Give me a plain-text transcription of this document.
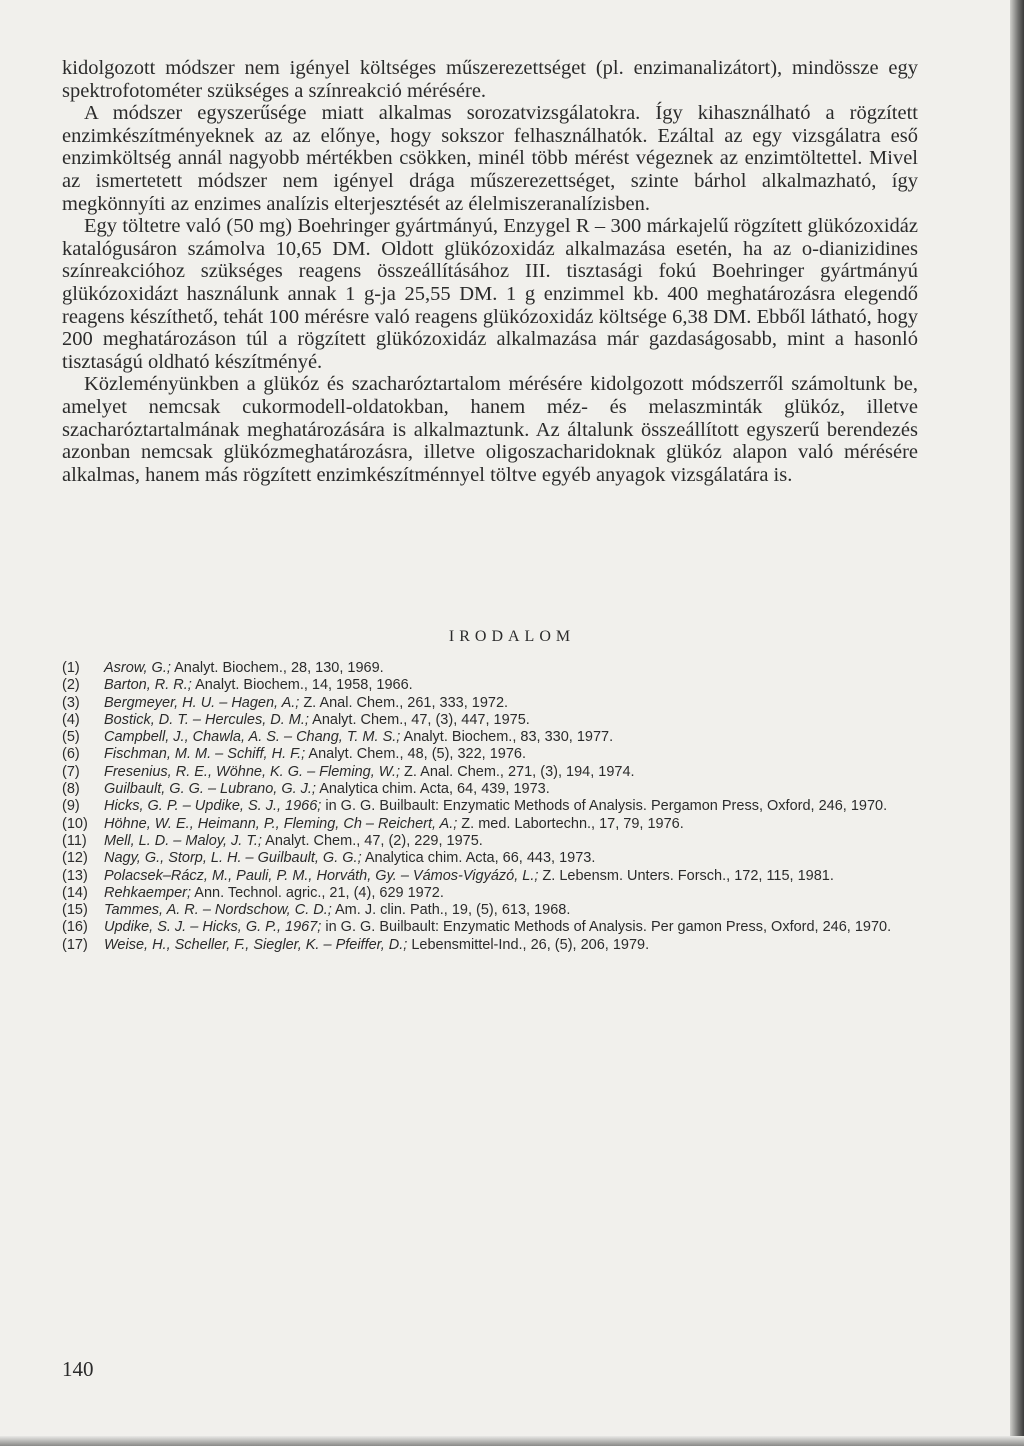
kidolgozott módszer nem igényel költséges műszerezettséget (pl. enzimanalizátort), mindössze egy spektrofotométer szükséges a színreakció mérésére.

A módszer egyszerűsége miatt alkalmas sorozatvizsgálatokra. Így kihasználható a rögzített enzimkészítményeknek az az előnye, hogy sokszor felhasználhatók. Ezáltal az egy vizsgálatra eső enzimköltség annál nagyobb mértékben csökken, minél több mérést végeznek az enzimtöltettel. Mivel az ismertetett módszer nem igényel drága műszerezettséget, szinte bárhol alkalmazható, így megkönnyíti az enzimes analízis elterjesztését az élelmiszeranalízisben.

Egy töltetre való (50 mg) Boehringer gyártmányú, Enzygel R – 300 márkajelű rögzített glükózoxidáz katalógusáron számolva 10,65 DM. Oldott glükózoxidáz alkalmazása esetén, ha az o-dianizidines színreakcióhoz szükséges reagens összeállításához III. tisztasági fokú Boehringer gyártmányú glükózoxidázt használunk annak 1 g-ja 25,55 DM. 1 g enzimmel kb. 400 meghatározásra elegendő reagens készíthető, tehát 100 mérésre való reagens glükózoxidáz költsége 6,38 DM. Ebből látható, hogy 200 meghatározáson túl a rögzített glükózoxidáz alkalmazása már gazdaságosabb, mint a hasonló tisztaságú oldható készítményé.

Közleményünkben a glükóz és szacharóztartalom mérésére kidolgozott módszerről számoltunk be, amelyet nemcsak cukormodell-oldatokban, hanem méz- és melaszminták glükóz, illetve szacharóztartalmának meghatározására is alkalmaztunk. Az általunk összeállított egyszerű berendezés azonban nemcsak glükózmeghatározásra, illetve oligoszacharidoknak glükóz alapon való mérésére alkalmas, hanem más rögzített enzimkészítménnyel töltve egyéb anyagok vizsgálatára is.

IRODALOM
(1)	Asrow, G.; Analyt. Biochem., 28, 130, 1969.
(2)	Barton, R. R.; Analyt. Biochem., 14, 1958, 1966.
(3)	Bergmeyer, H. U. – Hagen, A.; Z. Anal. Chem., 261, 333, 1972.
(4)	Bostick, D. T. – Hercules, D. M.; Analyt. Chem., 47, (3), 447, 1975.
(5)	Campbell, J., Chawla, A. S. – Chang, T. M. S.; Analyt. Biochem., 83, 330, 1977.
(6)	Fischman, M. M. – Schiff, H. F.; Analyt. Chem., 48, (5), 322, 1976.
(7)	Fresenius, R. E., Wöhne, K. G. – Fleming, W.; Z. Anal. Chem., 271, (3), 194, 1974.
(8)	Guilbault, G. G. – Lubrano, G. J.; Analytica chim. Acta, 64, 439, 1973.
(9)	Hicks, G. P. – Updike, S. J., 1966; in G. G. Builbault: Enzymatic Methods of Analysis. Pergamon Press, Oxford, 246, 1970.
(10)	Höhne, W. E., Heimann, P., Fleming, Ch – Reichert, A.; Z. med. Labortechn., 17, 79, 1976.
(11)	Mell, L. D. – Maloy, J. T.; Analyt. Chem., 47, (2), 229, 1975.
(12)	Nagy, G., Storp, L. H. – Guilbault, G. G.; Analytica chim. Acta, 66, 443, 1973.
(13)	Polacsek–Rácz, M., Pauli, P. M., Horváth, Gy. – Vámos-Vigyázó, L.; Z. Lebensm. Unters. Forsch., 172, 115, 1981.
(14)	Rehkaemper; Ann. Technol. agric., 21, (4), 629 1972.
(15)	Tammes, A. R. – Nordschow, C. D.; Am. J. clin. Path., 19, (5), 613, 1968.
(16)	Updike, S. J. – Hicks, G. P., 1967; in G. G. Builbault: Enzymatic Methods of Analysis. Per gamon Press, Oxford, 246, 1970.
(17)	Weise, H., Scheller, F., Siegler, K. – Pfeiffer, D.; Lebensmittel-Ind., 26, (5), 206, 1979.
140
